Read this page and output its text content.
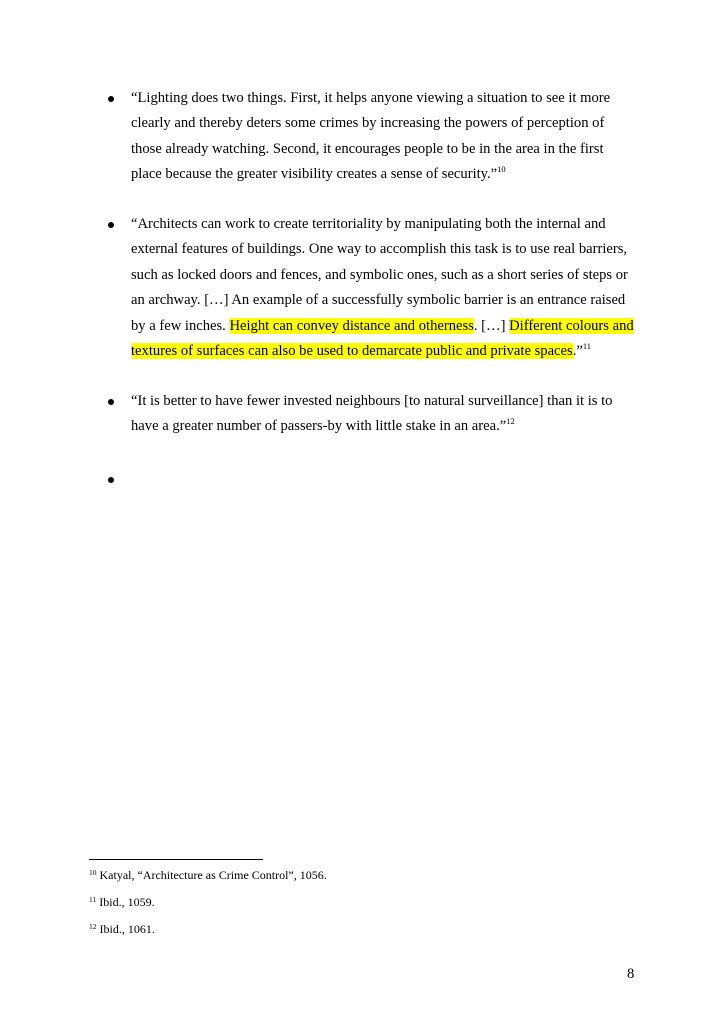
“Lighting does two things. First, it helps anyone viewing a situation to see it more
clearly and thereby deters some crimes by increasing the powers of perception of
those already watching. Second, it encourages people to be in the area in the first
place because the greater visibility creates a sense of security.”$^{10}$
“Architects can work to create territoriality by manipulating both the internal and
external features of buildings. One way to accomplish this task is to use real barriers,
such as locked doors and fences, and symbolic ones, such as a short series of steps or
an archway. […] An example of a successfully symbolic barrier is an entrance raised
by a few inches. Height can convey distance and otherness. […] Different colours and
textures of surfaces can also be used to demarcate public and private spaces.”$^{11}$
“It is better to have fewer invested neighbours [to natural surveillance] than it is to
have a greater number of passers-by with little stake in an area.”$^{12}$
$^{10}$ Katyal, “Architecture as Crime Control”, 1056.
$^{11}$ Ibid., 1059.
$^{12}$ Ibid., 1061.
8
